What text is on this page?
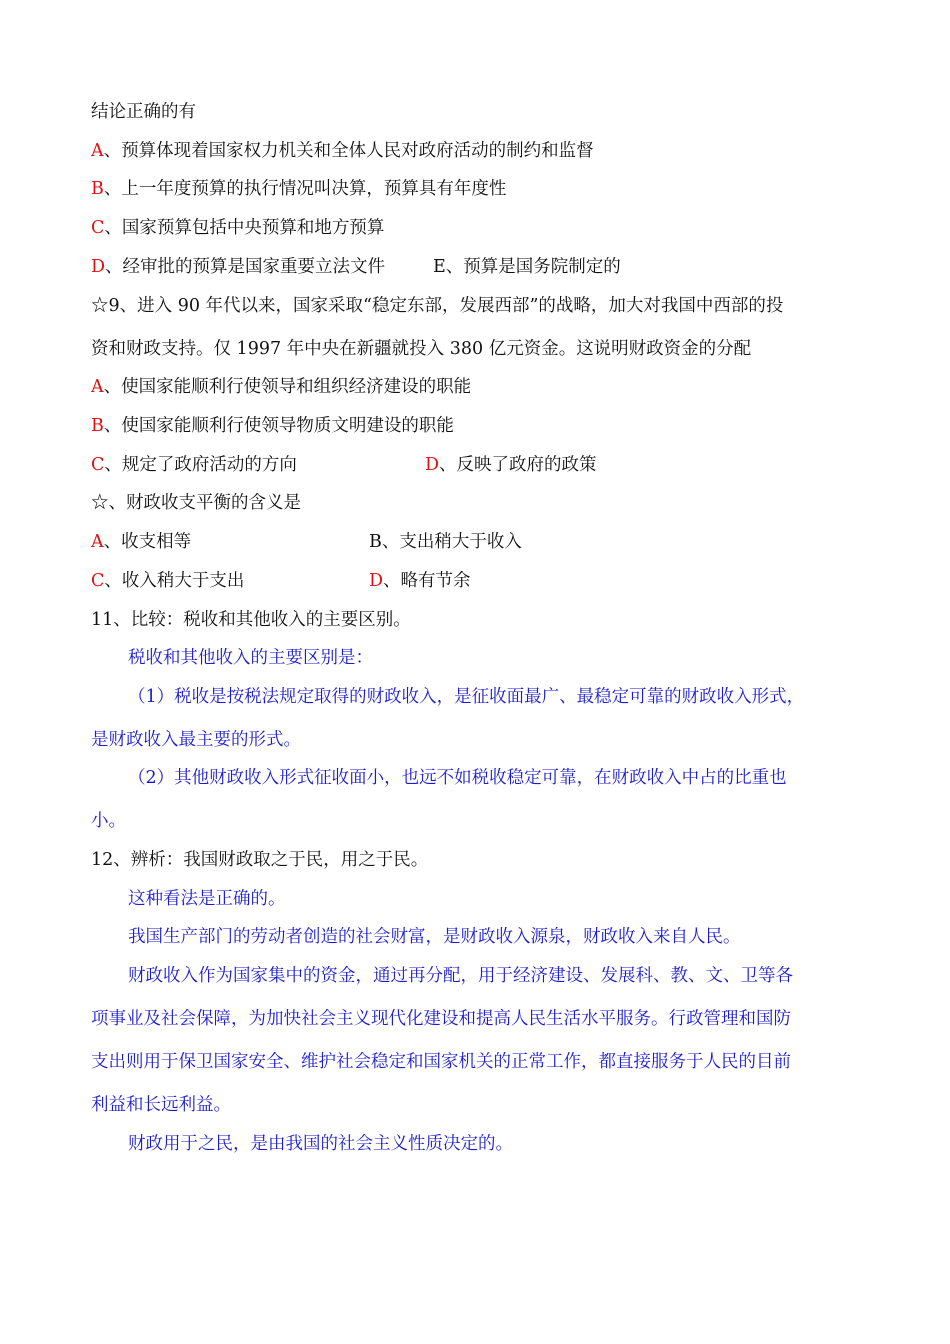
结论正确的有
A、预算体现着国家权力机关和全体人民对政府活动的制约和监督
B、上一年度预算的执行情况叫决算，预算具有年度性
C、国家预算包括中央预算和地方预算
D、经审批的预算是国家重要立法文件	E、预算是国务院制定的
☆9、进入 90 年代以来，国家采取“稳定东部，发展西部”的战略，加大对我国中西部的投
资和财政支持。仅 1997 年中央在新疆就投入 380 亿元资金。这说明财政资金的分配
A、使国家能顺利行使领导和组织经济建设的职能
B、使国家能顺利行使领导物质文明建设的职能
C、规定了政府活动的方向	D、反映了政府的政策
☆、财政收支平衡的含义是
A、收支相等	B、支出稍大于收入
C、收入稍大于支出	D、略有节余
11、比较：税收和其他收入的主要区别。
税收和其他收入的主要区别是：
（1）税收是按税法规定取得的财政收入，是征收面最广、最稳定可靠的财政收入形式，
是财政收入最主要的形式。
（2）其他财政收入形式征收面小，也远不如税收稳定可靠，在财政收入中占的比重也
小。
12、辨析：我国财政取之于民，用之于民。
这种看法是正确的。
我国生产部门的劳动者创造的社会财富，是财政收入源泉，财政收入来自人民。
财政收入作为国家集中的资金，通过再分配，用于经济建设、发展科、教、文、卫等各
项事业及社会保障，为加快社会主义现代化建设和提高人民生活水平服务。行政管理和国防
支出则用于保卫国家安全、维护社会稳定和国家机关的正常工作，都直接服务于人民的目前
利益和长远利益。
财政用于之民，是由我国的社会主义性质决定的。
